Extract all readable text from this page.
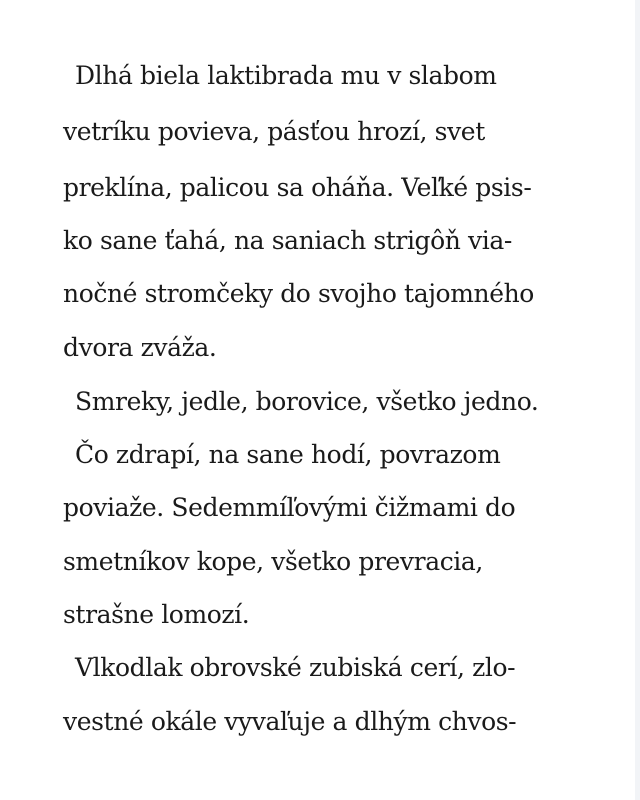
Dlhá biela laktibrada mu v slabom

vetríku povieva, pásťou hrozí, svet

preklína, palicou sa oháňa. Veľké psis-

ko sane ťahá, na saniach strigôň via-

nočné stromčeky do svojho tajomného

dvora zváža.

Smreky, jedle, borovice, všetko jedno.

Čo zdrapí, na sane hodí, povrazom

poviaže. Sedemmíľovými čižmami do

smetníkov kope, všetko prevracia,

strašne lomozí.

Vlkodlak obrovské zubiská cerí, zlo-

vestné okále vyvaľuje a dlhým chvos-
